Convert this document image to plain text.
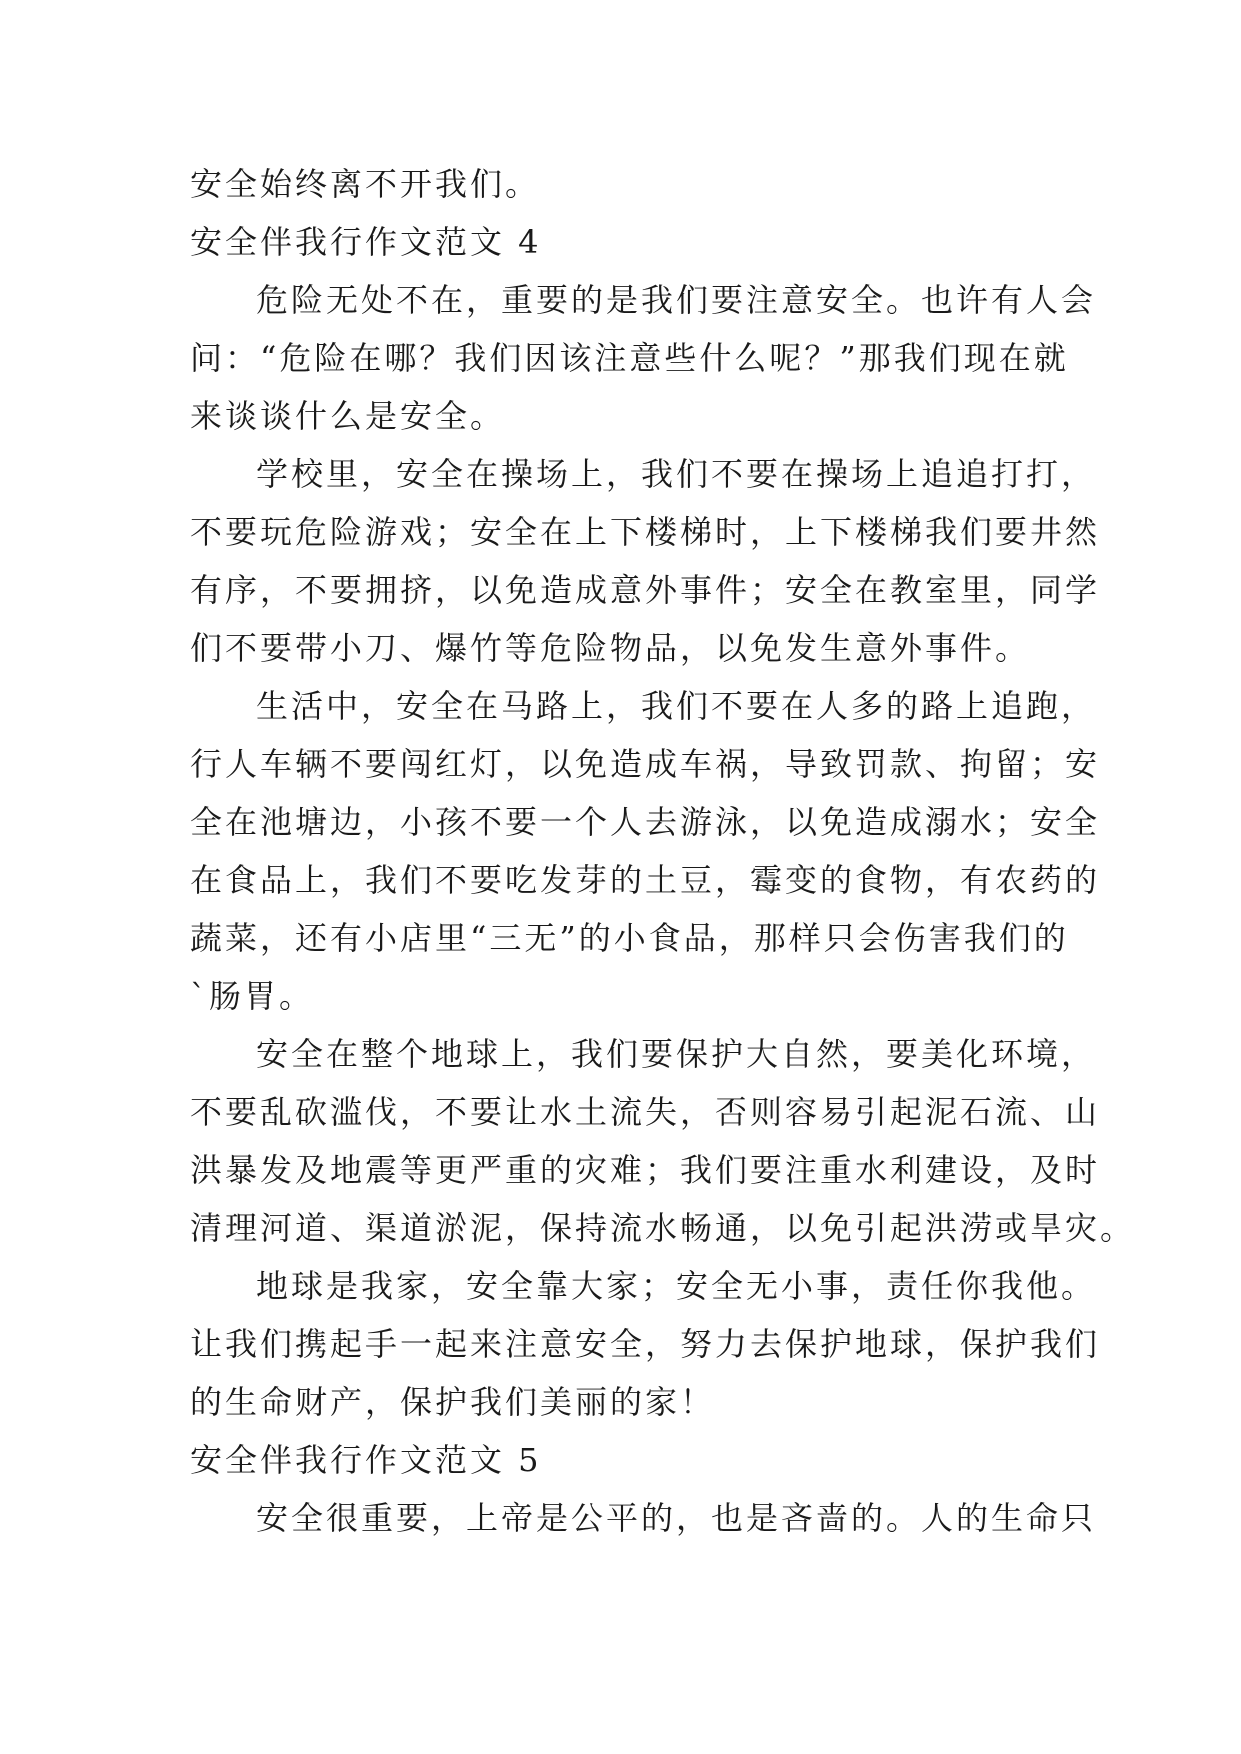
安全始终离不开我们。
安全伴我行作文范文 4
危险无处不在，重要的是我们要注意安全。也许有人会
问：“危险在哪？我们因该注意些什么呢？”那我们现在就
来谈谈什么是安全。
学校里，安全在操场上，我们不要在操场上追追打打，
不要玩危险游戏；安全在上下楼梯时，上下楼梯我们要井然
有序，不要拥挤，以免造成意外事件；安全在教室里，同学
们不要带小刀、爆竹等危险物品，以免发生意外事件。
生活中，安全在马路上，我们不要在人多的路上追跑，
行人车辆不要闯红灯，以免造成车祸，导致罚款、拘留；安
全在池塘边，小孩不要一个人去游泳，以免造成溺水；安全
在食品上，我们不要吃发芽的土豆，霉变的食物，有农药的
蔬菜，还有小店里“三无”的小食品，那样只会伤害我们的
`肠胃。
安全在整个地球上，我们要保护大自然，要美化环境，
不要乱砍滥伐，不要让水土流失，否则容易引起泥石流、山
洪暴发及地震等更严重的灾难；我们要注重水利建设，及时
清理河道、渠道淤泥，保持流水畅通，以免引起洪涝或旱灾。
地球是我家，安全靠大家；安全无小事，责任你我他。
让我们携起手一起来注意安全，努力去保护地球，保护我们
的生命财产，保护我们美丽的家！
安全伴我行作文范文 5
安全很重要，上帝是公平的，也是吝啬的。人的生命只
